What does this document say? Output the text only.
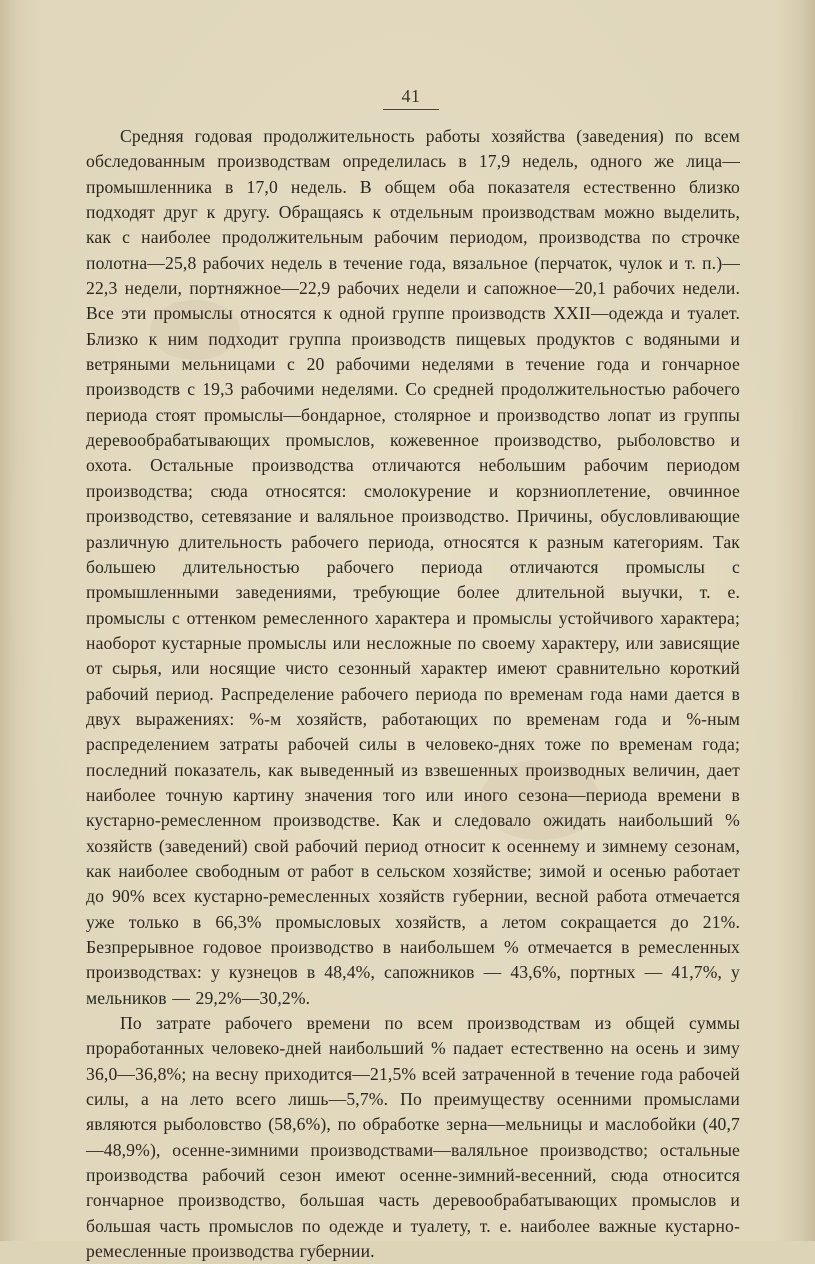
41

Средняя годовая продолжительность работы хозяйства (заведения) по всем обследованным производствам определилась в 17,9 недель, одного же лица—промышленника в 17,0 недель. В общем оба показателя естественно близко подходят друг к другу. Обращаясь к отдельным производствам можно выделить, как с наиболее продолжительным рабочим периодом, производства по строчке полотна—25,8 рабочих недель в течение года, вязальное (перчаток, чулок и т. п.)—22,3 недели, портняжное—22,9 рабочих недели и сапожное—20,1 рабочих недели. Все эти промыслы относятся к одной группе производств XXII—одежда и туалет. Близко к ним подходит группа производств пищевых продуктов с водяными и ветряными мельницами с 20 рабочими неделями в течение года и гончарное производств с 19,3 рабочими неделями. Со средней продолжительностью рабочего периода стоят промыслы—бондарное, столярное и производство лопат из группы деревообрабатывающих промыслов, кожевенное производство, рыболовство и охота. Остальные производства отличаются небольшим рабочим периодом производства; сюда относятся: смолокурение и корзниоплетение, овчинное производство, сетевязание и валяльное производство. Причины, обусловливающие различную длительность рабочего периода, относятся к разным категориям. Так большею длительностью рабочего периода отличаются промыслы с промышленными заведениями, требующие более длительной выучки, т. е. промыслы с оттенком ремесленного характера и промыслы устойчивого характера; наоборот кустарные промыслы или несложные по своему характеру, или зависящие от сырья, или носящие чисто сезонный характер имеют сравнительно короткий рабочий период. Распределение рабочего периода по временам года нами дается в двух выражениях: %-м хозяйств, работающих по временам года и %-ным распределением затраты рабочей силы в человеко-днях тоже по временам года; последний показатель, как выведенный из взвешенных производных величин, дает наиболее точную картину значения того или иного сезона—периода времени в кустарно-ремесленном производстве. Как и следовало ожидать наибольший % хозяйств (заведений) свой рабочий период относит к осеннему и зимнему сезонам, как наиболее свободным от работ в сельском хозяйстве; зимой и осенью работает до 90% всех кустарно-ремесленных хозяйств губернии, весной работа отмечается уже только в 66,3% промысловых хозяйств, а летом сокращается до 21%. Безпрерывное годовое производство в наибольшем % отмечается в ремесленных производствах: у кузнецов в 48,4%, сапожников — 43,6%, портных — 41,7%, у мельников — 29,2%—30,2%.

По затрате рабочего времени по всем производствам из общей суммы проработанных человеко-дней наибольший % падает естественно на осень и зиму 36,0—36,8%; на весну приходится—21,5% всей затраченной в течение года рабочей силы, а на лето всего лишь—5,7%. По преимуществу осенними промыслами являются рыболовство (58,6%), по обработке зерна—мельницы и маслобойки (40,7—48,9%), осенне-зимними производствами—валяльное производство; остальные производства рабочий сезон имеют осенне-зимний-весенний, сюда относится гончарное производство, большая часть деревообрабатывающих промыслов и большая часть промыслов по одежде и туалету, т. е. наиболее важные кустарно-ремесленные производства губернии.
